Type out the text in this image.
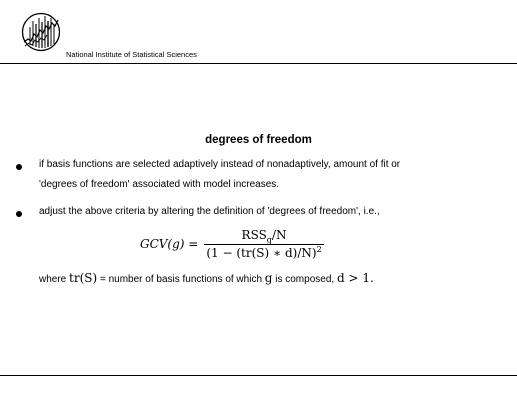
National Institute of Statistical Sciences
degrees of freedom
if basis functions are selected adaptively instead of nonadaptively, amount of fit or
'degrees of freedom' associated with model increases.
adjust the above criteria by altering the definition of 'degrees of freedom', i.e.,
$GCV(g) = \frac{RSS_g/N}{(1 - (tr(S) ∗ d)/N)^2}$
where tr(S) = number of basis functions of which g is composed, d > 1.
